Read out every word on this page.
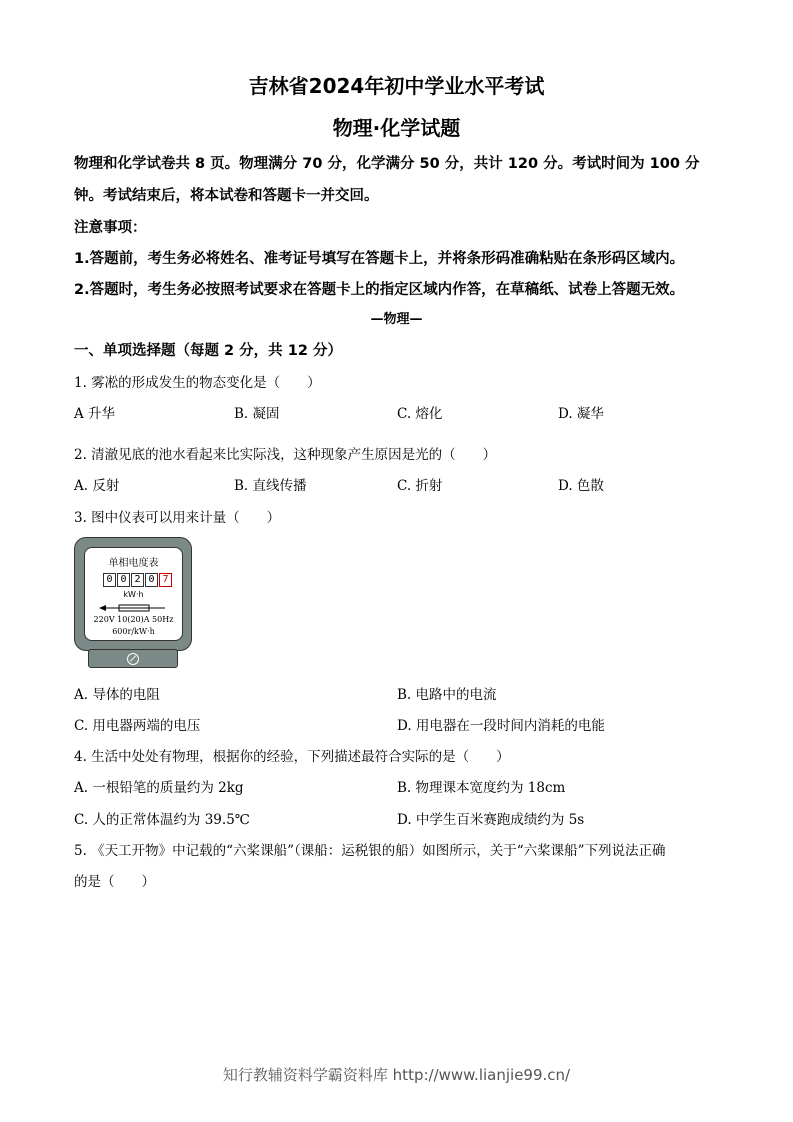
吉林省2024年初中学业水平考试
物理·化学试题
物理和化学试卷共 8 页。物理满分 70 分，化学满分 50 分，共计 120 分。考试时间为 100 分
钟。考试结束后，将本试卷和答题卡一并交回。
注意事项：
1.答题前，考生务必将姓名、准考证号填写在答题卡上，并将条形码准确粘贴在条形码区域内。
2.答题时，考生务必按照考试要求在答题卡上的指定区域内作答，在草稿纸、试卷上答题无效。
—物理—
一、单项选择题（每题 2 分，共 12 分）
1. 雾凇的形成发生的物态变化是（　　）
A 升华	B. 凝固	C. 熔化	D. 凝华
2. 清澈见底的池水看起来比实际浅，这种现象产生原因是光的（　　）
A. 反射	B. 直线传播	C. 折射	D. 色散
3. 图中仪表可以用来计量（　　）
单相电度表
0 0 2 0 7
kW·h
220V 10(20)A 50Hz
600r/kW·h
A. 导体的电阻	B. 电路中的电流
C. 用电器两端的电压	D. 用电器在一段时间内消耗的电能
4. 生活中处处有物理，根据你的经验，下列描述最符合实际的是（　　）
A. 一根铅笔的质量约为 2kg	B. 物理课本宽度约为 18cm
C. 人的正常体温约为 39.5℃	D. 中学生百米赛跑成绩约为 5s
5. 《天工开物》中记载的“六桨课船”（课船：运税银的船）如图所示，关于“六桨课船”下列说法正确
的是（　　）
知行教辅资料学霸资料库 http://www.lianjie99.cn/
